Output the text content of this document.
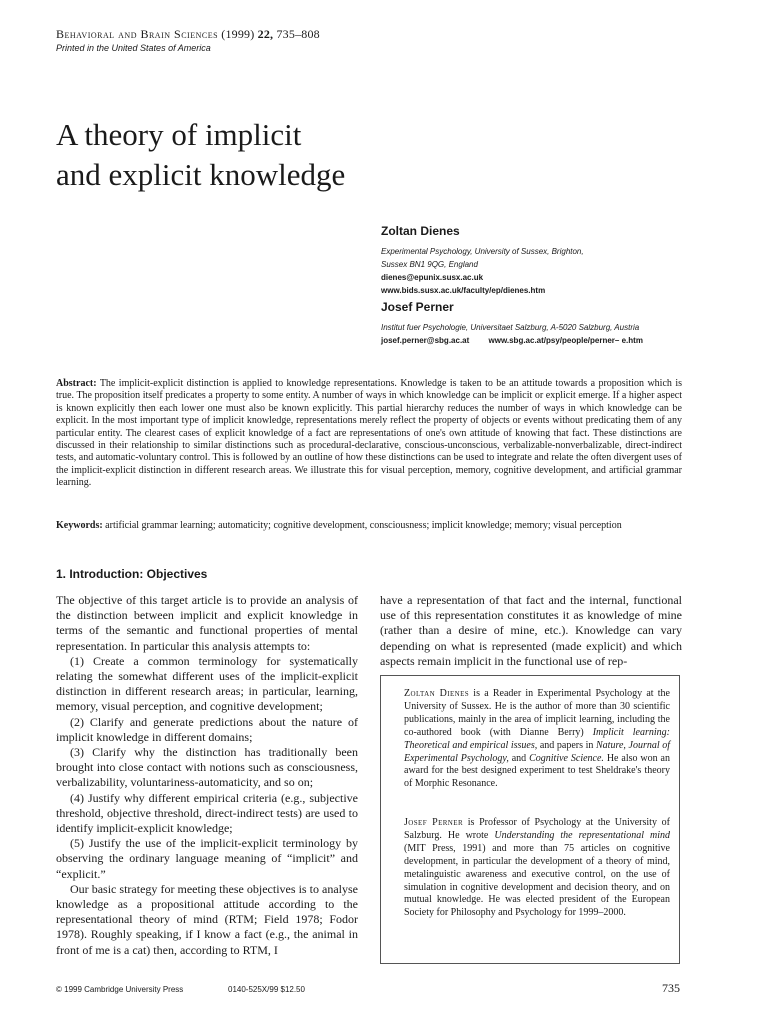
Behavioral and Brain Sciences (1999) 22, 735–808
Printed in the United States of America
A theory of implicit
and explicit knowledge
Zoltan Dienes
Experimental Psychology, University of Sussex, Brighton,
Sussex BN1 9QG, England
dienes@epunix.susx.ac.uk
www.bids.susx.ac.uk/faculty/ep/dienes.htm
Josef Perner
Institut fuer Psychologie, Universitaet Salzburg, A-5020 Salzburg, Austria
josef.perner@sbg.ac.at www.sbg.ac.at/psy/people/perner– e.htm

Abstract: The implicit-explicit distinction is applied to knowledge representations. Knowledge is taken to be an attitude towards a proposition which is true. The proposition itself predicates a property to some entity. A number of ways in which knowledge can be implicit or explicit emerge. If a higher aspect is known explicitly then each lower one must also be known explicitly. This partial hierarchy reduces the number of ways in which knowledge can be explicit. In the most important type of implicit knowledge, representations merely reflect the property of objects or events without predicating them of any particular entity. The clearest cases of explicit knowledge of a fact are representations of one's own attitude of knowing that fact. These distinctions are discussed in their relationship to similar distinctions such as procedural-declarative, conscious-unconscious, verbalizable-nonverbalizable, direct-indirect tests, and automatic-voluntary control. This is followed by an outline of how these distinctions can be used to integrate and relate the often divergent uses of the implicit-explicit distinction in different research areas. We illustrate this for visual perception, memory, cognitive development, and artificial grammar learning.

Keywords: artificial grammar learning; automaticity; cognitive development, consciousness; implicit knowledge; memory; visual perception

1. Introduction: Objectives

The objective of this target article is to provide an analysis of the distinction between implicit and explicit knowledge in terms of the semantic and functional properties of mental representation. In particular this analysis attempts to:

(1) Create a common terminology for systematically relating the somewhat different uses of the implicit-explicit distinction in different research areas; in particular, learning, memory, visual perception, and cognitive development;

(2) Clarify and generate predictions about the nature of implicit knowledge in different domains;

(3) Clarify why the distinction has traditionally been brought into close contact with notions such as consciousness, verbalizability, voluntariness-automaticity, and so on;

(4) Justify why different empirical criteria (e.g., subjective threshold, objective threshold, direct-indirect tests) are used to identify implicit-explicit knowledge;

(5) Justify the use of the implicit-explicit terminology by observing the ordinary language meaning of “implicit” and “explicit.”

Our basic strategy for meeting these objectives is to analyse knowledge as a propositional attitude according to the representational theory of mind (RTM; Field 1978; Fodor 1978). Roughly speaking, if I know a fact (e.g., the animal in front of me is a cat) then, according to RTM, I

have a representation of that fact and the internal, functional use of this representation constitutes it as knowledge of mine (rather than a desire of mine, etc.). Knowledge can vary depending on what is represented (made explicit) and which aspects remain implicit in the functional use of rep-

Zoltan Dienes is a Reader in Experimental Psychology at the University of Sussex. He is the author of more than 30 scientific publications, mainly in the area of implicit learning, including the co-authored book (with Dianne Berry) Implicit learning: Theoretical and empirical issues, and papers in Nature, Journal of Experimental Psychology, and Cognitive Science. He also won an award for the best designed experiment to test Sheldrake's theory of Morphic Resonance.

Josef Perner is Professor of Psychology at the University of Salzburg. He wrote Understanding the representational mind (MIT Press, 1991) and more than 75 articles on cognitive development, in particular the development of a theory of mind, metalinguistic awareness and executive control, on the use of simulation in cognitive development and decision theory, and on mutual knowledge. He was elected president of the European Society for Philosophy and Psychology for 1999–2000.

© 1999 Cambridge University Press	0140-525X/99 $12.50	735
